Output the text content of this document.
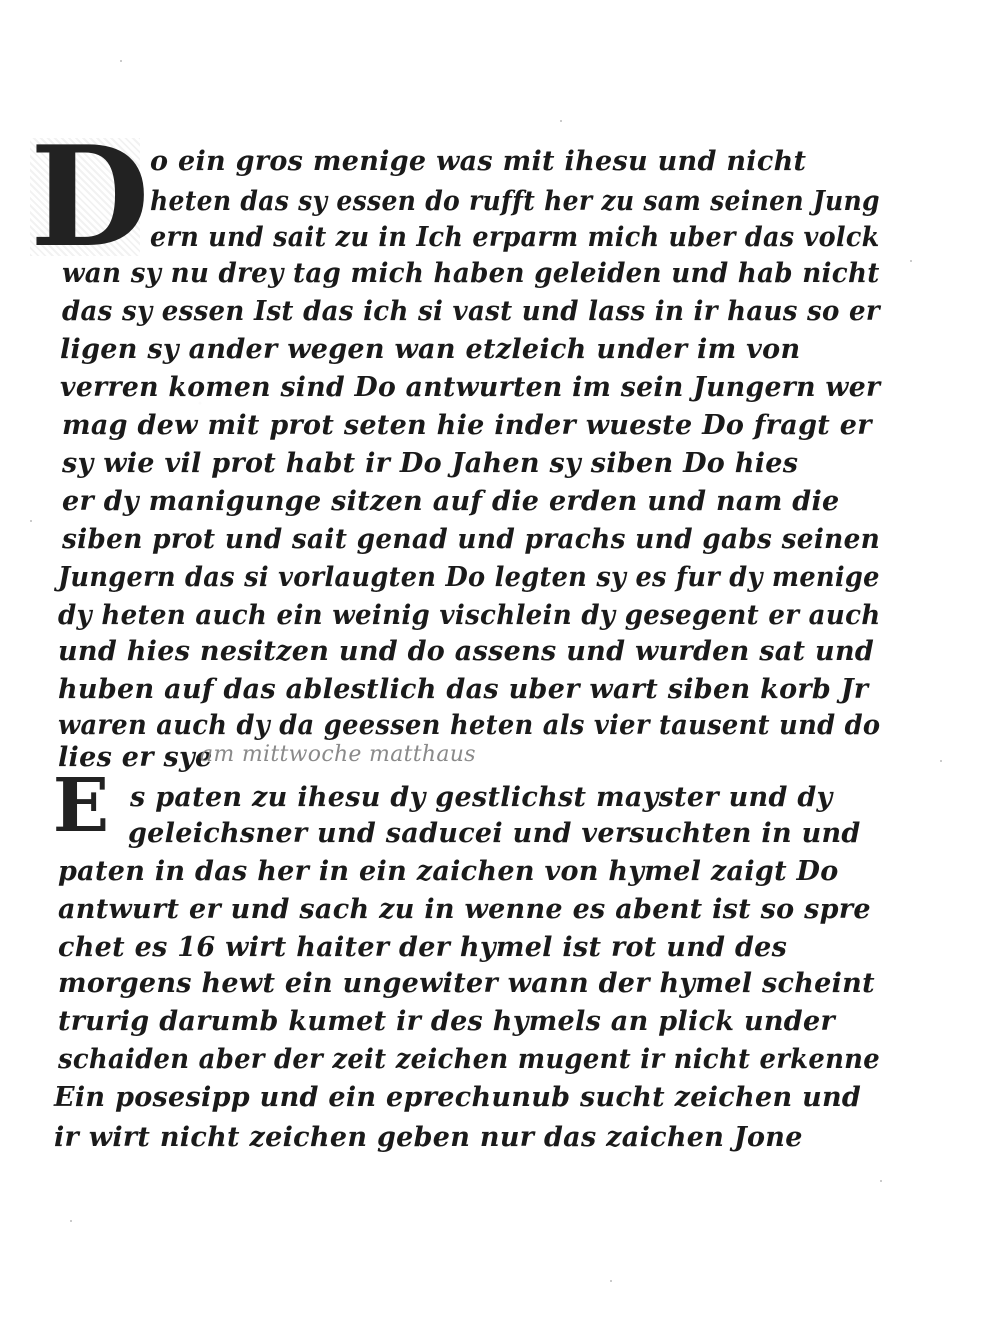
D o ein gros menige was mit ihesu und nicht
heten das sy essen do rufft her zu sam seinen Jung
ern und sait zu in Ich erparm mich uber das volck
wan sy nu drey tag mich haben geleiden und hab nicht
das sy essen Ist das ich si vast und lass in ir haus so er
ligen sy ander wegen wan etzleich under im von
verren komen sind Do antwurten im sein Jungern wer
mag dew mit prot seten hie inder wueste Do fragt er
sy wie vil prot habt ir Do Jahen sy siben Do hies
er dy manigunge sitzen auf die erden und nam die
siben prot und sait genad und prachs und gabs seinen
Jungern das si vorlaugten Do legten sy es fur dy menige
dy heten auch ein weinig vischlein dy gesegent er auch
und hies nesitzen und do assens und wurden sat und
huben auf das ablestlich das uber wart siben korb Jr
waren auch dy da geessen heten als vier tausent und do
lies er sye
am mittwoche matthaus
E s paten zu ihesu dy gestlichst mayster und dy
geleichsner und saducei und versuchten in und
paten in das her in ein zaichen von hymel zaigt Do
antwurt er und sach zu in wenne es abent ist so spre
chet es 16 wirt haiter der hymel ist rot und des
morgens hewt ein ungewiter wann der hymel scheint
trurig darumb kumet ir des hymels an plick under
schaiden aber der zeit zeichen mugent ir nicht erkenne
Ein posesipp und ein eprechunub sucht zeichen und
ir wirt nicht zeichen geben nur das zaichen Jone
